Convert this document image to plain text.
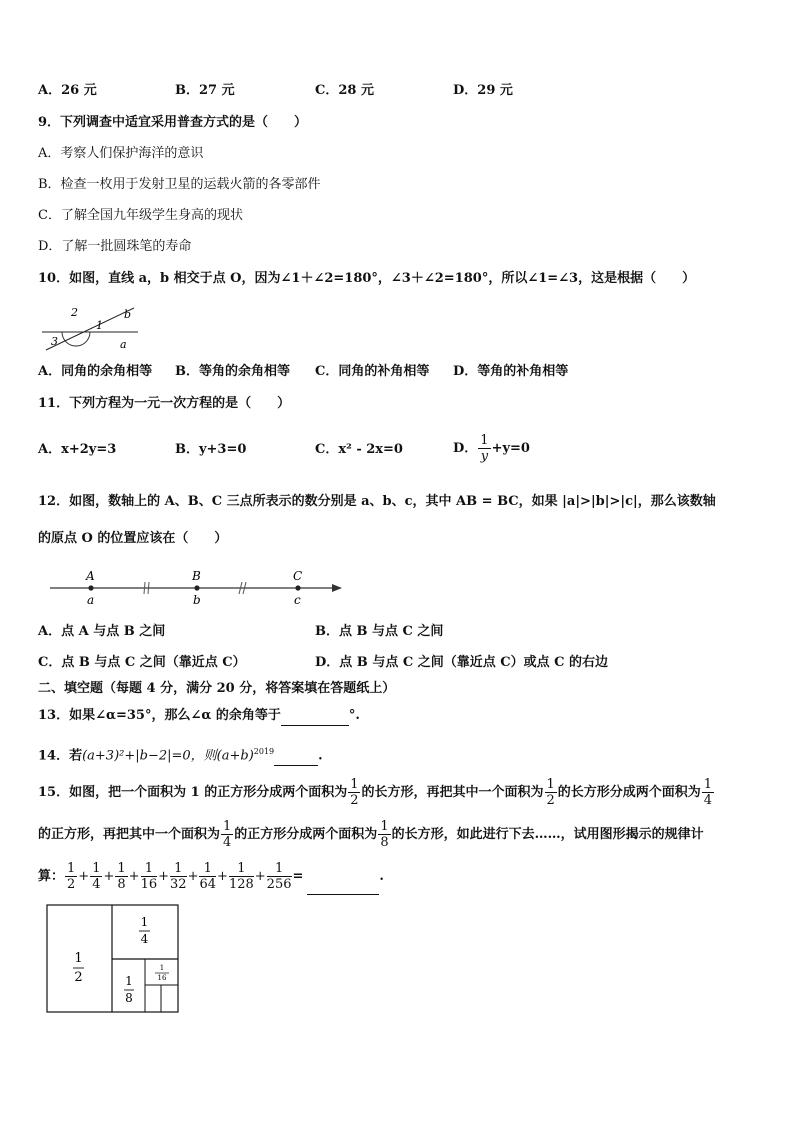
A．26 元	B．27 元	C．28 元	D．29 元
9．下列调查中适宜采用普查方式的是（　　）
A．考察人们保护海洋的意识
B．检查一枚用于发射卫星的运载火箭的各零部件
C．了解全国九年级学生身高的现状
D．了解一批圆珠笔的寿命
10．如图，直线 a，b 相交于点 O，因为∠1＋∠2=180°，∠3＋∠2=180°，所以∠1=∠3，这是根据（　　）
2
1
3
b
a
A．同角的余角相等 B．等角的余角相等 C．同角的补角相等 D．等角的补角相等
11．下列方程为一元一次方程的是（　　）
A．x+2y=3	B．y+3=0	C．x² - 2x=0	D． $\frac{1}{y} +y=0$
12．如图，数轴上的 A、B、C 三点所表示的数分别是 a、b、c，其中 AB = BC，如果 |a|>|b|>|c|，那么该数轴
的原点 O 的位置应该在（　　）
A	B	C
a	b	c
A．点 A 与点 B 之间	B．点 B 与点 C 之间
C．点 B 与点 C 之间（靠近点 C）	D．点 B 与点 C 之间（靠近点 C）或点 C 的右边
二、填空题（每题 4 分，满分 20 分，将答案填在答题纸上）
13．如果∠α=35°，那么∠α 的余角等于	°.
14．若(a+3)²+|b−2|=0，则$(a+b)^{2019}$	.
15．如图，把一个面积为 1 的正方形分成两个面积为 $\frac{1}{2}$ 的长方形，再把其中一个面积为 $\frac{1}{2}$ 的长方形分成两个面积为 $\frac{1}{4}$
的正方形，再把其中一个面积为 $\frac{1}{4}$ 的正方形分成两个面积为 $\frac{1}{8}$ 的长方形，如此进行下去……，试用图形揭示的规律计
算： $\frac{1}{2} + \frac{1}{4} + \frac{1}{8} + \frac{1}{16} + \frac{1}{32} + \frac{1}{64} + \frac{1}{128} + \frac{1}{256}$ =	.
1
2
1
4
1
8
1
16
